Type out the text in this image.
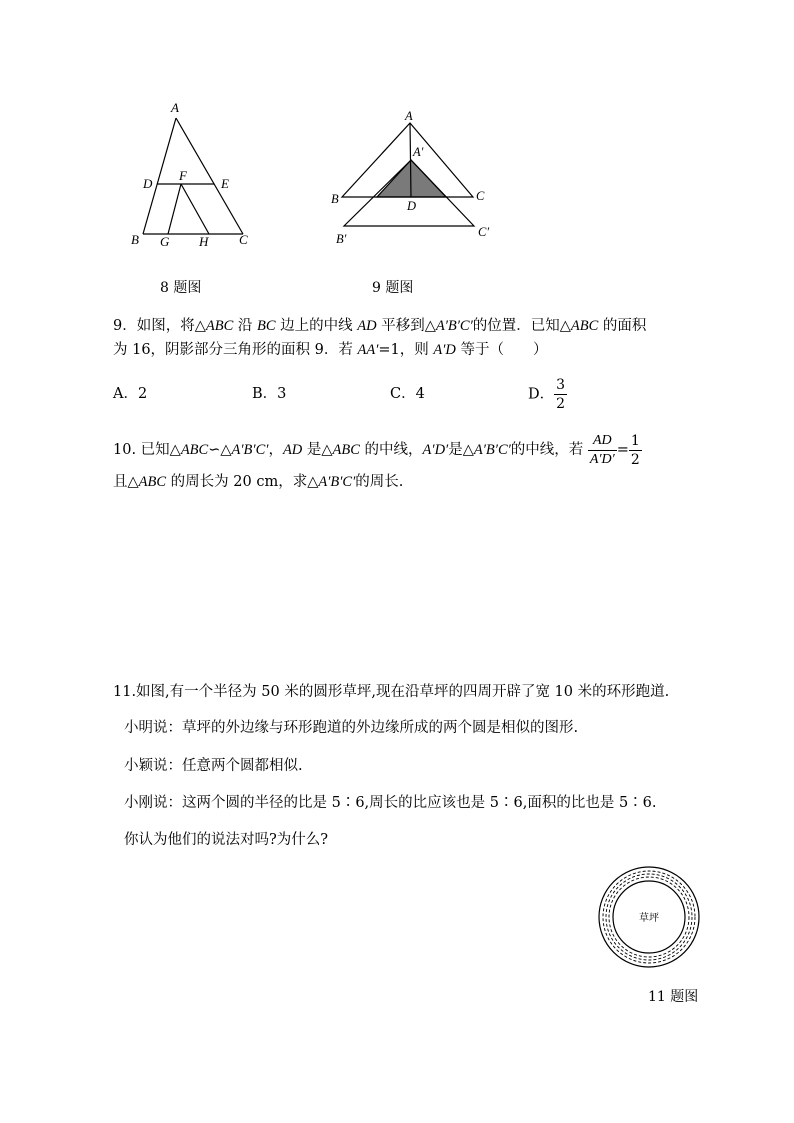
A
D
F
E
B G H C
8 题图
A
A′
B	C
D
B′	C′
9 题图
9．如图，将△ABC 沿 BC 边上的中线 AD 平移到△A′B′C′的位置．已知△ABC 的面积
为 16，阴影部分三角形的面积 9．若 AA′=1，则 A′D 等于（　　）
A．2	B．3	C．4	D． $\frac{3}{2}$
10. 已知△ABC∽△A′B′C′，AD 是△ABC 的中线，A′D′是△A′B′C′的中线，若 $\frac{AD}{A'D'} = \frac{1}{2}$
且△ABC 的周长为 20 cm，求△A′B′C′的周长.
11.如图,有一个半径为 50 米的圆形草坪,现在沿草坪的四周开辟了宽 10 米的环形跑道.
小明说：草坪的外边缘与环形跑道的外边缘所成的两个圆是相似的图形.
小颖说：任意两个圆都相似.
小刚说：这两个圆的半径的比是 5∶6,周长的比应该也是 5∶6,面积的比也是 5∶6.
你认为他们的说法对吗?为什么?
草坪
11 题图
